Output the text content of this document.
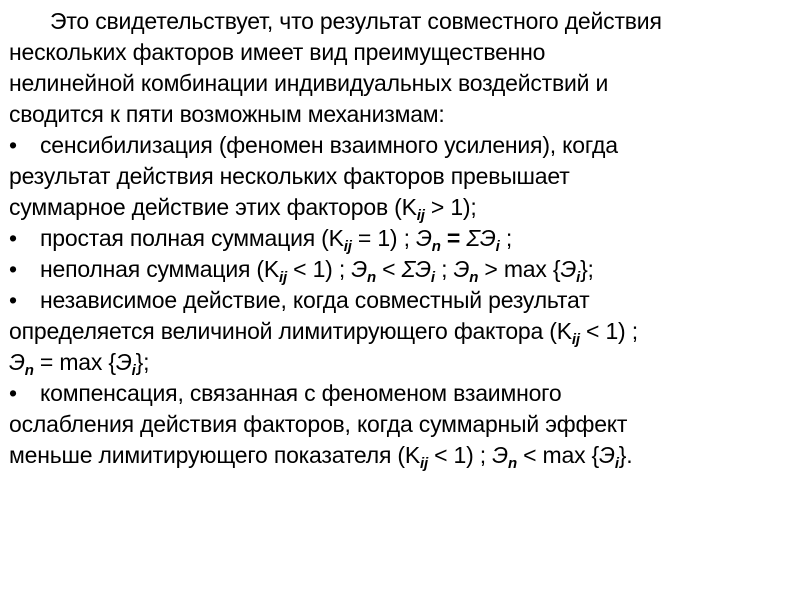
Это свидетельствует, что результат совместного действия
нескольких факторов имеет вид преимущественно
нелинейной комбинации индивидуальных воздействий и
сводится к пяти возможным механизмам:
• сенсибилизация (феномен взаимного усиления), когда
результат действия нескольких факторов превышает
суммарное действие этих факторов $(K_{ij} > 1)$;
• простая полная суммация $(K_{ij} = 1)$ ; $Э_n = \Sigma Э_i$ ;
• неполная суммация $(K_{ij} < 1)$ ; $Э_n < \Sigma Э_i$ ; $Э_n > \max \{Э_i\}$;
• независимое действие, когда совместный результат
определяется величиной лимитирующего фактора $(K_{ij} < 1)$ ;
$Э_n = \max \{Э_i\}$;
• компенсация, связанная с феноменом взаимного
ослабления действия факторов, когда суммарный эффект
меньше лимитирующего показателя $(K_{ij} < 1)$ ; $Э_n < \max \{Э_i\}$.
